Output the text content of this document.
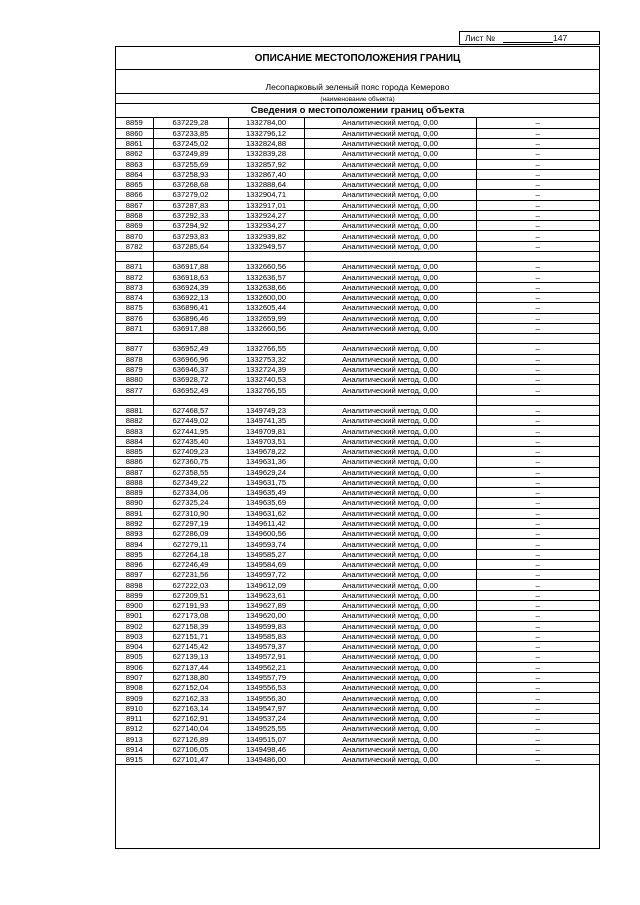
Лист №	147
ОПИСАНИЕ МЕСТОПОЛОЖЕНИЯ ГРАНИЦ
Лесопарковый зеленый пояс города Кемерово
(наименование объекта)
Сведения о местоположении границ объекта
8859	637229,28	1332784,00	Аналитический метод, 0,00	–
8860	637233,85	1332796,12	Аналитический метод, 0,00	–
8861	637245,02	1332824,88	Аналитический метод, 0,00	–
8862	637249,89	1332839,28	Аналитический метод, 0,00	–
8863	637255,69	1332857,92	Аналитический метод, 0,00	–
8864	637258,93	1332867,40	Аналитический метод, 0,00	–
8865	637268,68	1332888,64	Аналитический метод, 0,00	–
8866	637279,02	1332904,71	Аналитический метод, 0,00	–
8867	637287,83	1332917,01	Аналитический метод, 0,00	–
8868	637292,33	1332924,27	Аналитический метод, 0,00	–
8869	637294,92	1332934,27	Аналитический метод, 0,00	–
8870	637293,83	1332939,82	Аналитический метод, 0,00	–
8782	637285,64	1332949,57	Аналитический метод, 0,00	–

8871	636917,88	1332660,56	Аналитический метод, 0,00	–
8872	636918,63	1332636,57	Аналитический метод, 0,00	–
8873	636924,39	1332638,66	Аналитический метод, 0,00	–
8874	636922,13	1332600,00	Аналитический метод, 0,00	–
8875	636896,41	1332605,44	Аналитический метод, 0,00	–
8876	636896,46	1332659,99	Аналитический метод, 0,00	–
8871	636917,88	1332660,56	Аналитический метод, 0,00	–

8877	636952,49	1332766,55	Аналитический метод, 0,00	–
8878	636966,96	1332753,32	Аналитический метод, 0,00	–
8879	636946,37	1332724,39	Аналитический метод, 0,00	–
8880	636928,72	1332740,53	Аналитический метод, 0,00	–
8877	636952,49	1332766,55	Аналитический метод, 0,00	–

8881	627468,57	1349749,23	Аналитический метод, 0,00	–
8882	627449,02	1349741,35	Аналитический метод, 0,00	–
8883	627441,95	1349709,81	Аналитический метод, 0,00	–
8884	627435,40	1349703,51	Аналитический метод, 0,00	–
8885	627409,23	1349678,22	Аналитический метод, 0,00	–
8886	627360,75	1349631,36	Аналитический метод, 0,00	–
8887	627358,55	1349629,24	Аналитический метод, 0,00	–
8888	627349,22	1349631,75	Аналитический метод, 0,00	–
8889	627334,06	1349635,49	Аналитический метод, 0,00	–
8890	627325,24	1349635,69	Аналитический метод, 0,00	–
8891	627310,90	1349631,62	Аналитический метод, 0,00	–
8892	627297,19	1349611,42	Аналитический метод, 0,00	–
8893	627286,09	1349600,56	Аналитический метод, 0,00	–
8894	627279,11	1349593,74	Аналитический метод, 0,00	–
8895	627264,18	1349585,27	Аналитический метод, 0,00	–
8896	627246,49	1349584,69	Аналитический метод, 0,00	–
8897	627231,56	1349597,72	Аналитический метод, 0,00	–
8898	627222,03	1349612,09	Аналитический метод, 0,00	–
8899	627209,51	1349623,61	Аналитический метод, 0,00	–
8900	627191,93	1349627,89	Аналитический метод, 0,00	–
8901	627173,08	1349620,00	Аналитический метод, 0,00	–
8902	627158,39	1349599,83	Аналитический метод, 0,00	–
8903	627151,71	1349585,83	Аналитический метод, 0,00	–
8904	627145,42	1349579,37	Аналитический метод, 0,00	–
8905	627139,13	1349572,91	Аналитический метод, 0,00	–
8906	627137,44	1349562,21	Аналитический метод, 0,00	–
8907	627138,80	1349557,79	Аналитический метод, 0,00	–
8908	627152,04	1349556,53	Аналитический метод, 0,00	–
8909	627162,33	1349556,30	Аналитический метод, 0,00	–
8910	627163,14	1349547,97	Аналитический метод, 0,00	–
8911	627162,91	1349537,24	Аналитический метод, 0,00	–
8912	627140,04	1349525,55	Аналитический метод, 0,00	–
8913	627126,89	1349515,07	Аналитический метод, 0,00	–
8914	627106,05	1349498,46	Аналитический метод, 0,00	–
8915	627101,47	1349486,00	Аналитический метод, 0,00	–
